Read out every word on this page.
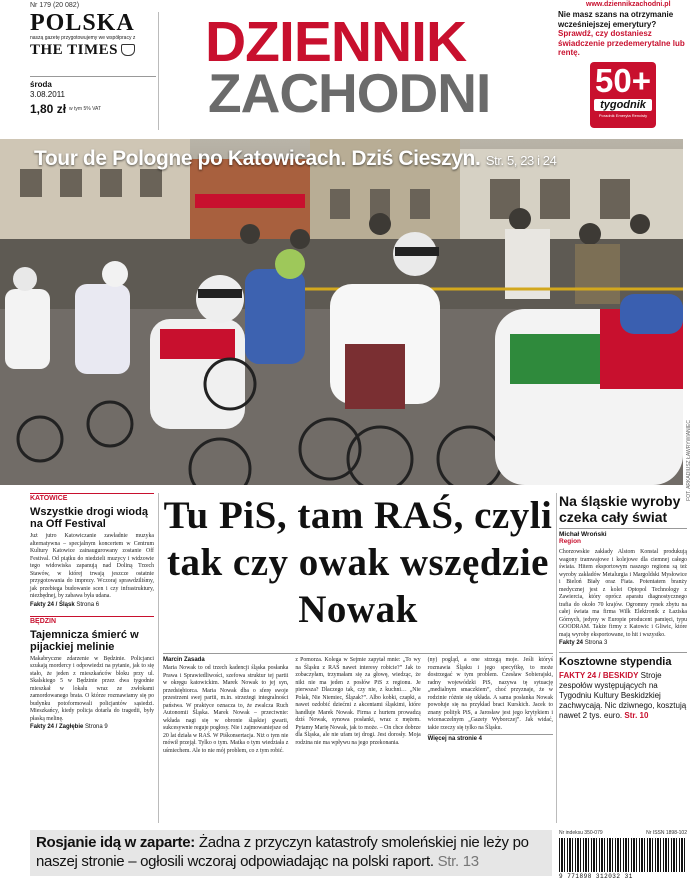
Nr 179 (20 082)
POLSKA
naszą gazetę przygotowujemy we współpracy z
THE TIMES
środa
3.08.2011
1,80 zł w tym 5% VAT
DZIENNIK
ZACHODNI
www.dziennikzachodni.pl
Nie masz szans na otrzymanie wcześniejszej emerytury?
Sprawdź, czy dostaniesz świadczenie przedemerytalne lub rentę.
50+
tygodnik
Poradnik Emeryta Rencisty
Tour de Pologne po Katowicach. Dziś Cieszyn. Str. 5, 23 i 24
FOT. ARKADIUSZ ŁAWRYWIANIEC
KATOWICE
Wszystkie drogi wiodą na Off Festival
Już jutro Katowiczanie zawładnie muzyka alternatywna – specjalnym koncertem w Centrum Kultury Katowice zainaugurowany zostanie Off Festival. Od piątku do niedzieli muzycy i widzowie tego widowiska zapanują nad Doliną Trzech Stawów, w której trwają jeszcze ostatnie przygotowania do imprezy. Wczoraj sprawdziliśmy, jak przebiega budowanie scen i czy infrastruktury, niezbędnej, by zabawa była udana.
Fakty 24 / Śląsk Strona 6
BĘDZIN
Tajemnicza śmierć w pijackiej melinie
Makabryczne zdarzenie w Będzinie. Policjanci szukają mordercy i odpowiedzi na pytanie, jak to się stało, że jeden z mieszkańców bloku przy ul. Skalskiego 5 w Będzinie przez dwa tygodnie mieszkał w lokalu wraz ze zwłokami zamordowanego brata. O którze rozmawiamy się po budynku potoformowali policjantów sąsiedzi. Mieszkańcy, kiedy policja dotarła do tragedii, były płaską melinę.
Fakty 24 / Zagłębie Strona 9
Tu PiS, tam RAŚ, czyli tak czy owak wszędzie Nowak
Marcin Zasada
Maria Nowak to od trzech kadencji śląska posłanka Prawa i Sprawiedliwości, szefowa struktur tej partii w okręgu katowickim. Marek Nowak to jej syn, przedsiębiorca. Maria Nowak dba o sferę swoje przestrzeni swej partii, m.in. strzeżegi integralności państwa. W praktyce oznacza to, że zwalcza Ruch Autonomii Śląska. Marek Nowak – przeciwnie: wkłada nagi się w obronie śląskiej gwarii, sukcesywnie reguje pogłosy. Nie i zajmowaniejsze od 20 lat działa w RAŚ. W Piśkonsertacja. Niż o tym nie mówił przejął. Tylko o tym. Matka o tym wiedziała z uśmiechem. Ale to nie mój problem, co z tym robić.
z Pomorza. Kolega w Sejmie zapytał mnie: „To wy na Śląsku z RAŚ nawet interesy robicie?” Jak to zobaczyłam, trzymałam się za głowę, wiedząc, że nikt nie ma jeden z posłów PiS z regionu. Je pierwsza? Dlaczego tak, czy nie, z kuchni… „Nie Polak, Nie Niemiec, Ślązak?”. Albo kobki, czapki, a nawet ozdobić dziećmi z akcentami śląskimi, które handluje Marek Nowak. Firma z hurtem prowadzą dziś Nowak, synowa posłanki, wraz z mężem. Pytamy Marię Nowak, jak to może. – On chce dobrze dla Śląska, ale nie ufam tej drogi. Jest dorosły. Moja rodzina nie ma wpływu na jego przekonania.
(ny) pogląd, a one strzegą moje. Jeśli któryś rozmawia Śląsku i jego specyfikę, to może dostrzegać w tym problem. Czesław Sobierajski, radny wojewódzki PiS, nazywa tę sytuację „medialnym smaczkiem”, choć przyznaje, że w rodzinie różnie się układa. A sama posłanka Nowak powołuje się na przykład braci Kurskich. Jacek to znany polityk PiS, a Jarosław jest jego krytykiem i wicenaczelnym „Gazety Wyborczej”. Jak widać, takie rzeczy się tylko na Śląsku.
Więcej na stronie 4
Na śląskie wyroby czeka cały świat
Michał Wroński
Region
Chorzowskie zakłady Alstom Konstal produkują wagony tramwajowe i kolejowe dla ciemnej całego świata. Hitem eksportowym naszego regionu są też wyroby zakładów Metalurgia i Margoldski Mysłowice i Bieloń Biały oraz Fiata. Potentatem branży medycznej jest z kolei Optopol Technology z Zawiercia, który oprócz aparatu diagnostycznego trafia do około 70 krajów. Ogromny rynek zbytu na całej świata ma firma Wilk Elektronik z Łaziska Górnych, jedyny w Europie producent pamięci, typu GOODRAM. Także firmy z Katowic i Gliwic, które mają wyroby eksportowane, to hit i wszystko.
Fakty 24 Strona 3
Kosztowne stypendia
FAKTY 24 / BESKIDY Stroje zespołów występujących na Tygodniu Kultury Beskidzkiej zachwycają. Nic dziwnego, kosztują nawet 2 tys. euro. Str. 10
Nr indeksu 350-079	Nr ISSN 1898-102
9 771898 312032 31
Rosjanie idą w zaparte: Żadna z przyczyn katastrofy smoleńskiej nie leży po naszej stronie – ogłosili wczoraj odpowiadając na polski raport. Str. 13
